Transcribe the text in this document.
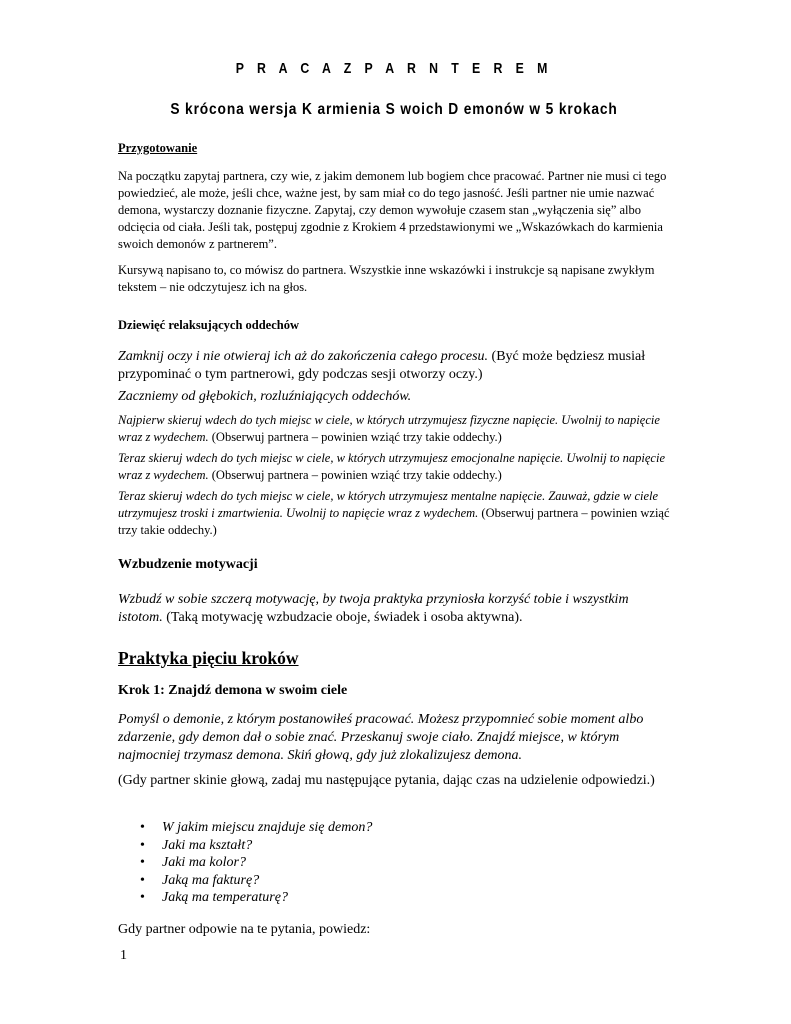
P R A C A Z P A R N T E R E M
S krócona wersja K armienia S woich D emonów w 5 krokach
Przygotowanie
Na początku zapytaj partnera, czy wie, z jakim demonem lub bogiem chce pracować. Partner nie musi ci tego powiedzieć, ale może, jeśli chce, ważne jest, by sam miał co do tego jasność. Jeśli partner nie umie nazwać demona, wystarczy doznanie fizyczne. Zapytaj, czy demon wywołuje czasem stan „wyłączenia się” albo odcięcia od ciała. Jeśli tak, postępuj zgodnie z Krokiem 4 przedstawionymi we „Wskazówkach do karmienia swoich demonów z partnerem”.
Kursywą napisano to, co mówisz do partnera. Wszystkie inne wskazówki i instrukcje są napisane zwykłym tekstem – nie odczytujesz ich na głos.
Dziewięć relaksujących oddechów
Zamknij oczy i nie otwieraj ich aż do zakończenia całego procesu. (Być może będziesz musiał przypominać o tym partnerowi, gdy podczas sesji otworzy oczy.)
Zaczniemy od głębokich, rozluźniających oddechów.
Najpierw skieruj wdech do tych miejsc w ciele, w których utrzymujesz fizyczne napięcie. Uwolnij to napięcie wraz z wydechem. (Obserwuj partnera – powinien wziąć trzy takie oddechy.)
Teraz skieruj wdech do tych miejsc w ciele, w których utrzymujesz emocjonalne napięcie. Uwolnij to napięcie wraz z wydechem. (Obserwuj partnera – powinien wziąć trzy takie oddechy.)
Teraz skieruj wdech do tych miejsc w ciele, w których utrzymujesz mentalne napięcie. Zauważ, gdzie w ciele utrzymujesz troski i zmartwienia. Uwolnij to napięcie wraz z wydechem. (Obserwuj partnera – powinien wziąć trzy takie oddechy.)
Wzbudzenie motywacji
Wzbudź w sobie szczerą motywację, by twoja praktyka przyniosła korzyść tobie i wszystkim istotom. (Taką motywację wzbudzacie oboje, świadek i osoba aktywna).
Praktyka pięciu kroków
Krok 1: Znajdź demona w swoim ciele
Pomyśl o demonie, z którym postanowiłeś pracować. Możesz przypomnieć sobie moment albo zdarzenie, gdy demon dał o sobie znać. Przeskanuj swoje ciało. Znajdź miejsce, w którym najmocniej trzymasz demona. Skiń głową, gdy już zlokalizujesz demona.
(Gdy partner skinie głową, zadaj mu następujące pytania, dając czas na udzielenie odpowiedzi.)
• W jakim miejscu znajduje się demon?
• Jaki ma kształt?
• Jaki ma kolor?
• Jaką ma fakturę?
• Jaką ma temperaturę?
Gdy partner odpowie na te pytania, powiedz:
1
